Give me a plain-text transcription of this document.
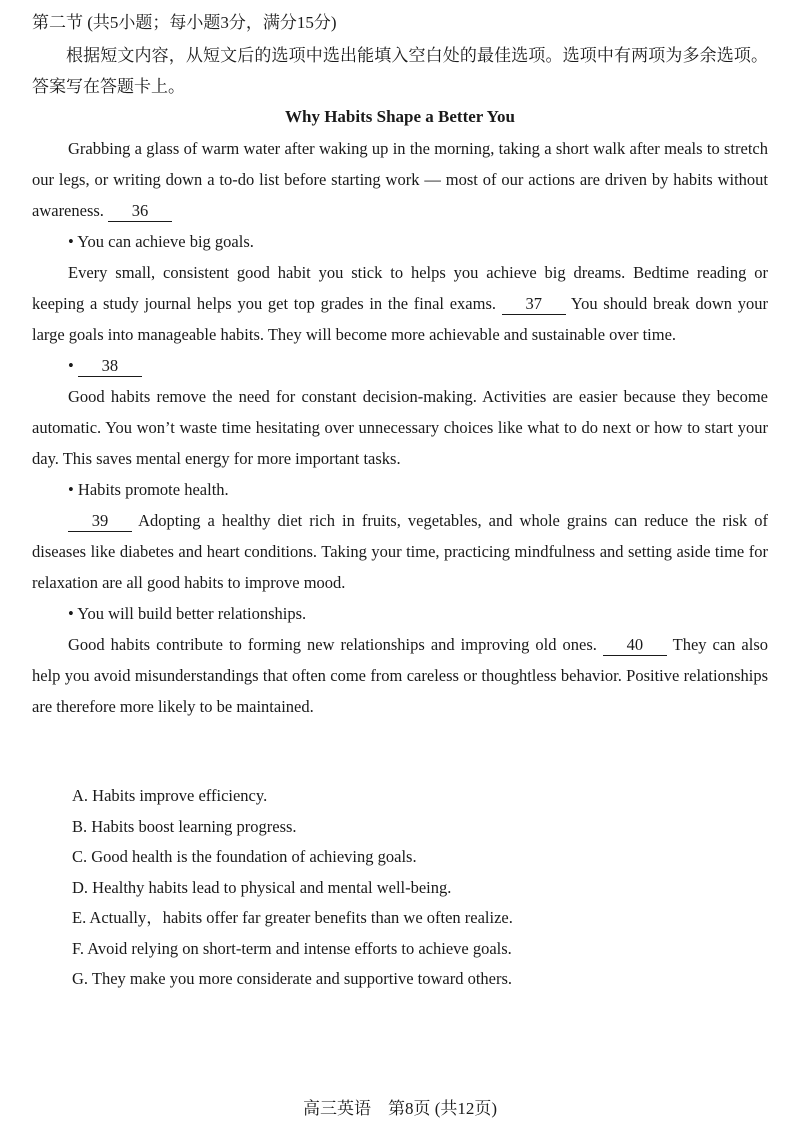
第二节 (共5小题；每小题3分，满分15分)
根据短文内容，从短文后的选项中选出能填入空白处的最佳选项。选项中有两项为多余选项。答案写在答题卡上。
Why Habits Shape a Better You

Grabbing a glass of warm water after waking up in the morning, taking a short walk after meals to stretch our legs, or writing down a to-do list before starting work — most of our actions are driven by habits without awareness. 36

• You can achieve big goals.

Every small, consistent good habit you stick to helps you achieve big dreams. Bedtime reading or keeping a study journal helps you get top grades in the final exams. 37 You should break down your large goals into manageable habits. They will become more achievable and sustainable over time.

• 38

Good habits remove the need for constant decision-making. Activities are easier because they become automatic. You won’t waste time hesitating over unnecessary choices like what to do next or how to start your day. This saves mental energy for more important tasks.

• Habits promote health.

39 Adopting a healthy diet rich in fruits, vegetables, and whole grains can reduce the risk of diseases like diabetes and heart conditions. Taking your time, practicing mindfulness and setting aside time for relaxation are all good habits to improve mood.

• You will build better relationships.

Good habits contribute to forming new relationships and improving old ones. 40 They can also help you avoid misunderstandings that often come from careless or thoughtless behavior. Positive relationships are therefore more likely to be maintained.

A. Habits improve efficiency.
B. Habits boost learning progress.
C. Good health is the foundation of achieving goals.
D. Healthy habits lead to physical and mental well-being.
E. Actually，habits offer far greater benefits than we often realize.
F. Avoid relying on short-term and intense efforts to achieve goals.
G. They make you more considerate and supportive toward others.
高三英语　第8页 (共12页)
